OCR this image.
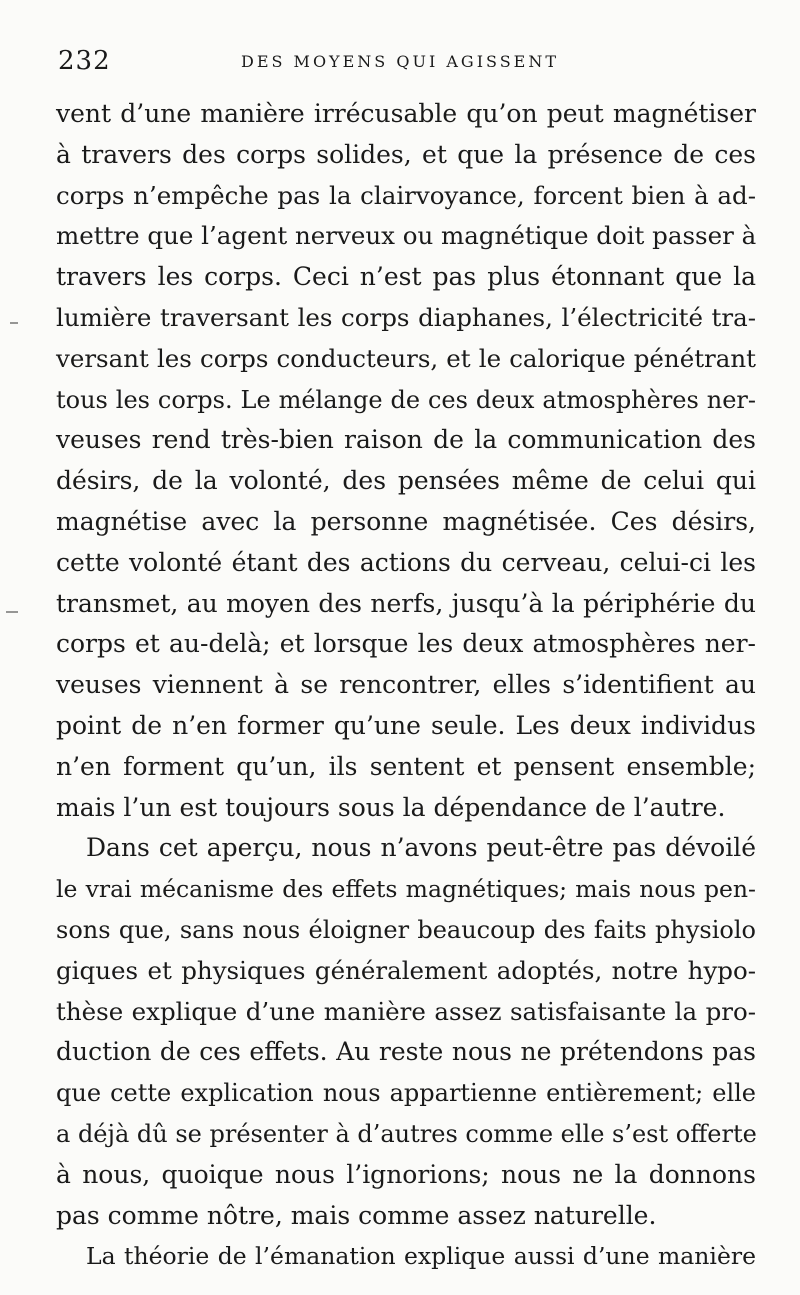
232	DES MOYENS QUI AGISSENT
vent d’une manière irrécusable qu’on peut magnétiser
à travers des corps solides, et que la présence de ces
corps n’empêche pas la clairvoyance, forcent bien à ad-
mettre que l’agent nerveux ou magnétique doit passer à
travers les corps. Ceci n’est pas plus étonnant que la
lumière traversant les corps diaphanes, l’électricité tra-
versant les corps conducteurs, et le calorique pénétrant
tous les corps. Le mélange de ces deux atmosphères ner-
veuses rend très-bien raison de la communication des
désirs, de la volonté, des pensées même de celui qui
magnétise avec la personne magnétisée. Ces désirs,
cette volonté étant des actions du cerveau, celui-ci les
transmet, au moyen des nerfs, jusqu’à la périphérie du
corps et au-delà; et lorsque les deux atmosphères ner-
veuses viennent à se rencontrer, elles s’identifient au
point de n’en former qu’une seule. Les deux individus
n’en forment qu’un, ils sentent et pensent ensemble;
mais l’un est toujours sous la dépendance de l’autre.
Dans cet aperçu, nous n’avons peut-être pas dévoilé
le vrai mécanisme des effets magnétiques; mais nous pen-
sons que, sans nous éloigner beaucoup des faits physiolo
giques et physiques généralement adoptés, notre hypo-
thèse explique d’une manière assez satisfaisante la pro-
duction de ces effets. Au reste nous ne prétendons pas
que cette explication nous appartienne entièrement; elle
a déjà dû se présenter à d’autres comme elle s’est offerte
à nous, quoique nous l’ignorions; nous ne la donnons
pas comme nôtre, mais comme assez naturelle.
La théorie de l’émanation explique aussi d’une manière
